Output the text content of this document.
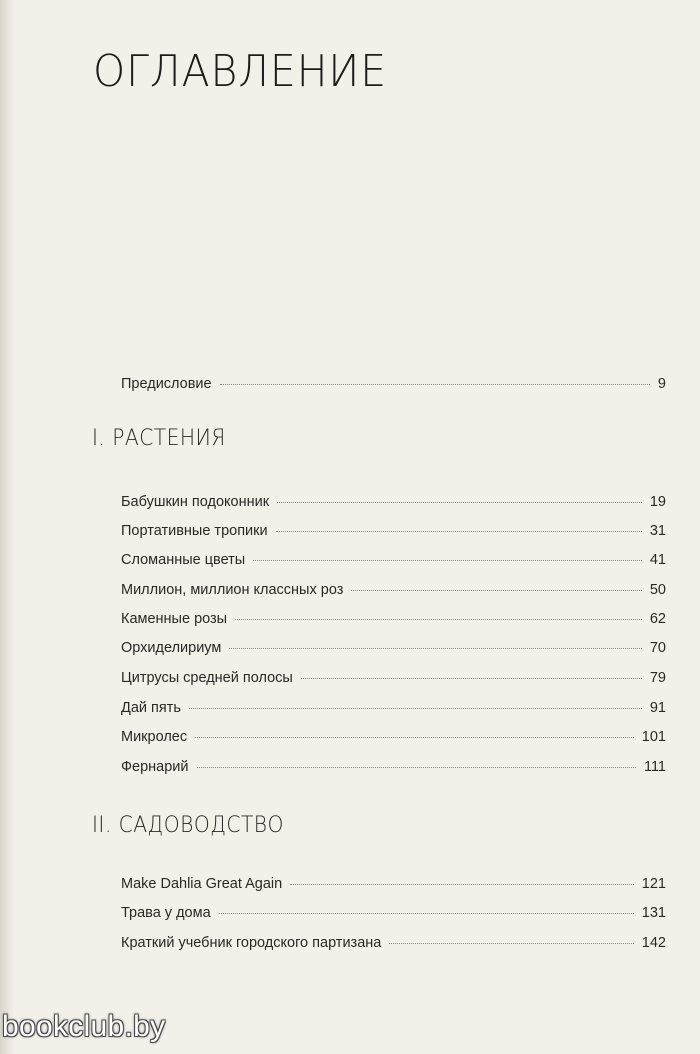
ОГЛАВЛЕНИЕ
Предисловие	9
I. РАСТЕНИЯ
Бабушкин подоконник	19
Портативные тропики	31
Сломанные цветы	41
Миллион, миллион классных роз	50
Каменные розы	62
Орхиделириум	70
Цитрусы средней полосы	79
Дай пять	91
Микролес	101
Фернарий	111
II. САДОВОДСТВО
Make Dahlia Great Again	121
Трава у дома	131
Краткий учебник городского партизана	142
bookclub.by
